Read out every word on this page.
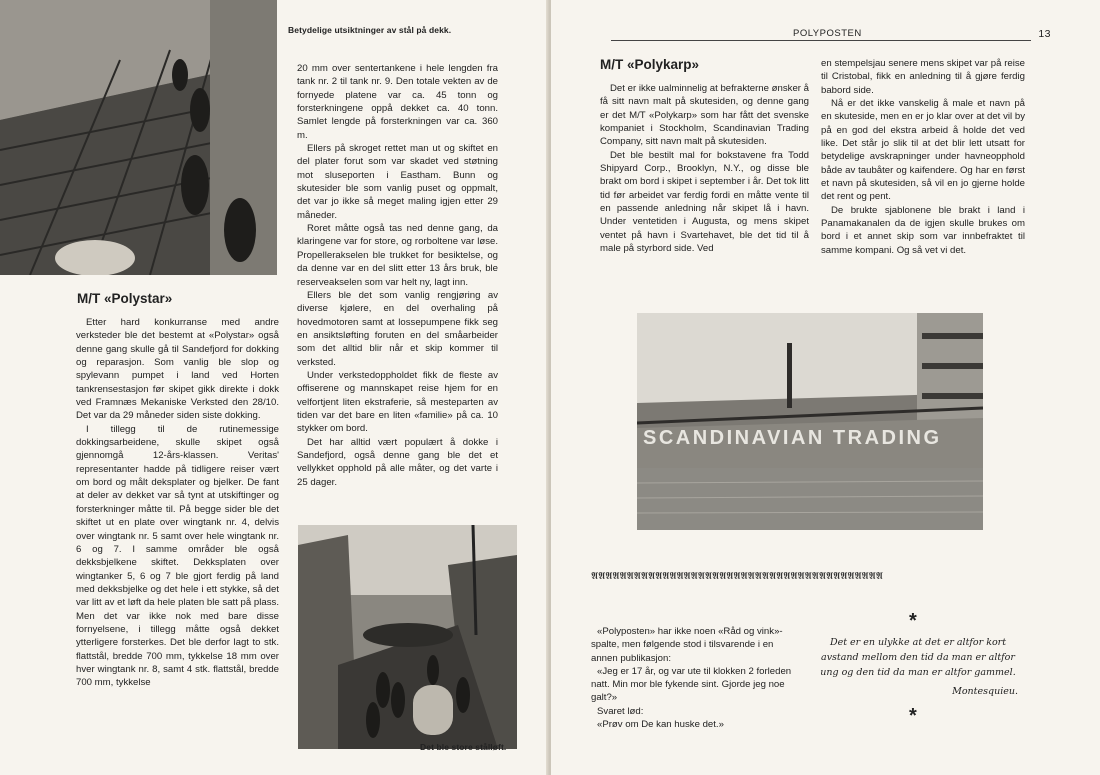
Betydelige utsiktninger av stål på dekk.
M/T «Polystar»

Etter hard konkurranse med andre verksteder ble det bestemt at «Polystar» også denne gang skulle gå til Sandefjord for dokking og reparasjon. Som vanlig ble slop og spylevann pumpet i land ved Horten tankrensestasjon før skipet gikk direkte i dokk ved Framnæs Mekaniske Verksted den 28/10. Det var da 29 måneder siden siste dokking.

I tillegg til de rutinemessige dokkingsarbeidene, skulle skipet også gjennomgå 12-års-klassen. Veritas' representanter hadde på tidligere reiser vært om bord og målt deksplater og bjelker. De fant at deler av dekket var så tynt at utskiftinger og forsterkninger måtte til. På begge sider ble det skiftet ut en plate over wingtank nr. 4, delvis over wingtank nr. 5 samt over hele wingtank nr. 6 og 7. I samme områder ble også dekksbjelkene skiftet. Dekksplaten over wingtanker 5, 6 og 7 ble gjort ferdig på land med dekksbjelke og det hele i ett stykke, så det var litt av et løft da hele platen ble satt på plass. Men det var ikke nok med bare disse fornyelsene, i tillegg måtte også dekket ytterligere forsterkes. Det ble derfor lagt to stk. flattstål, bredde 700 mm, tykkelse 18 mm over hver wingtank nr. 8, samt 4 stk. flattstål, bredde 700 mm, tykkelse

20 mm over sentertankene i hele lengden fra tank nr. 2 til tank nr. 9. Den totale vekten av de fornyede platene var ca. 45 tonn og forsterkningene oppå dekket ca. 40 tonn. Samlet lengde på forsterkningen var ca. 360 m.

Ellers på skroget rettet man ut og skiftet en del plater forut som var skadet ved støtning mot sluseporten i Eastham. Bunn og skutesider ble som vanlig puset og oppmalt, det var jo ikke så meget maling igjen etter 29 måneder.

Roret måtte også tas ned denne gang, da klaringene var for store, og rorboltene var løse. Propellerakselen ble trukket for besiktelse, og da denne var en del slitt etter 13 års bruk, ble reserveakselen som var helt ny, lagt inn.

Ellers ble det som vanlig rengjøring av diverse kjølere, en del overhaling på hovedmotoren samt at lossepumpene fikk seg en ansiktsløfting foruten en del småarbeider som det alltid blir når et skip kommer til verksted.

Under verkstedoppholdet fikk de fleste av offiserene og mannskapet reise hjem for en velfortjent liten ekstraferie, så mesteparten av tiden var det bare en liten «familie» på ca. 10 stykker om bord.

Det har alltid vært populært å dokke i Sandefjord, også denne gang ble det et vellykket opphold på alle måter, og det varte i 25 dager.

Det ble store stålløft.
POLYPOSTEN	13
M/T «Polykarp»

Det er ikke ualminnelig at befrakterne ønsker å få sitt navn malt på skutesiden, og denne gang er det M/T «Polykarp» som har fått det svenske kompaniet i Stockholm, Scandinavian Trading Company, sitt navn malt på skutesiden.

Det ble bestilt mal for bokstavene fra Todd Shipyard Corp., Brooklyn, N.Y., og disse ble brakt om bord i skipet i september i år. Det tok litt tid før arbeidet var ferdig fordi en måtte vente til en passende anledning når skipet lå i havn. Under ventetiden i Augusta, og mens skipet ventet på havn i Svartehavet, ble det tid til å male på styrbord side. Ved

en stempelsjau senere mens skipet var på reise til Cristobal, fikk en anledning til å gjøre ferdig babord side.

Nå er det ikke vanskelig å male et navn på en skuteside, men en er jo klar over at det vil by på en god del ekstra arbeid å holde det ved like. Det står jo slik til at det blir lett utsatt for betydelige avskrapninger under havneopphold både av taubåter og kaifendere. Og har en først et navn på skutesiden, så vil en jo gjerne holde det rent og pent.

De brukte sjablonene ble brakt i land i Panamakanalen da de igjen skulle brukes om bord i et annet skip som var innbefraktet til samme kompani. Og så vet vi det.

SCANDINAVIAN TRADING
𝕬𝕬𝕬𝕬𝕬𝕬𝕬𝕬𝕬𝕬𝕬𝕬𝕬𝕬𝕬𝕬𝕬𝕬𝕬𝕬𝕬𝕬𝕬𝕬𝕬𝕬𝕬𝕬𝕬𝕬𝕬𝕬𝕬𝕬𝕬𝕬𝕬𝕬𝕬𝕬𝕬

«Polyposten» har ikke noen «Råd og vink»-spalte, men følgende stod i tilsvarende i en annen publikasjon:

«Jeg er 17 år, og var ute til klokken 2 forleden natt. Min mor ble fykende sint. Gjorde jeg noe galt?»

Svaret lød:

«Prøv om De kan huske det.»

*
Det er en ulykke at det er altfor kort avstand mellom den tid da man er altfor ung og den tid da man er altfor gammel.
Montesquieu.
*
